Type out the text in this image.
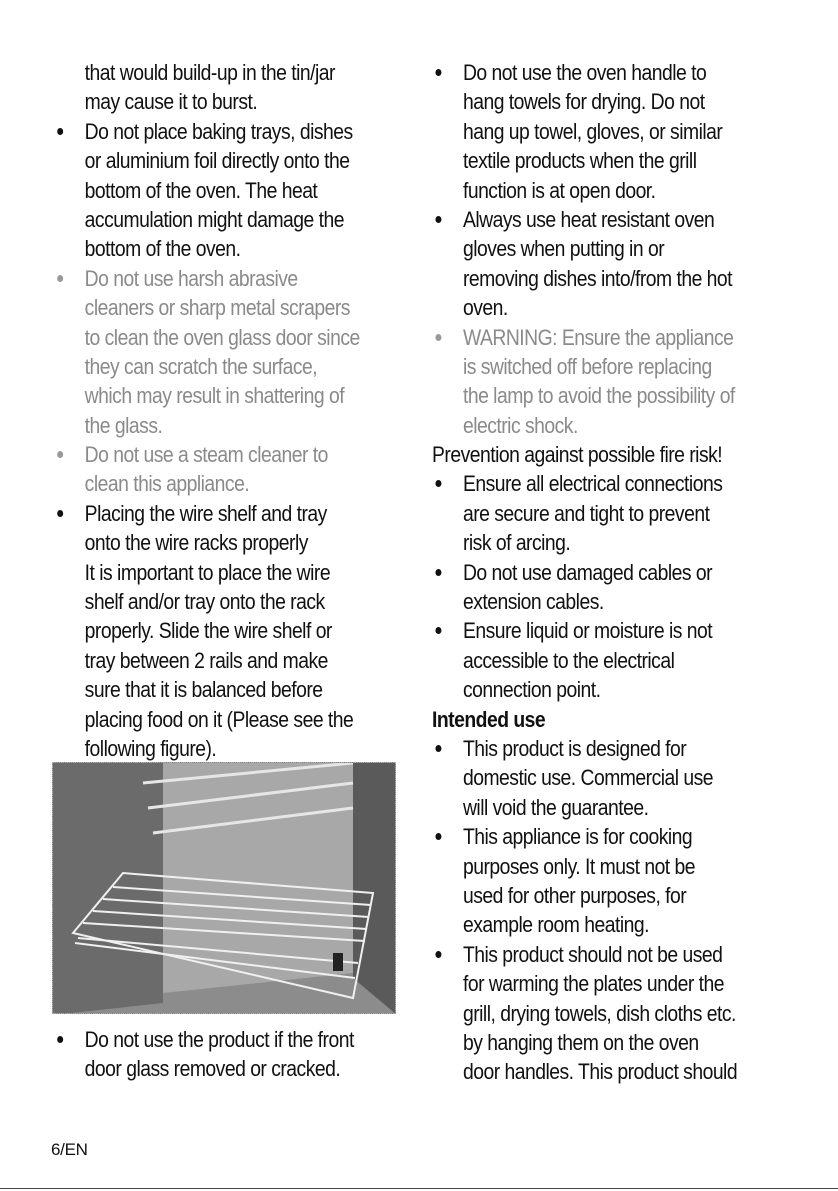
that would build-up in the tin/jar
may cause it to burst.
Do not place baking trays, dishes
or aluminium foil directly onto the
bottom of the oven. The heat
accumulation might damage the
bottom of the oven.
Do not use harsh abrasive
cleaners or sharp metal scrapers
to clean the oven glass door since
they can scratch the surface,
which may result in shattering of
the glass.
Do not use a steam cleaner to
clean this appliance.
Placing the wire shelf and tray
onto the wire racks properly
It is important to place the wire
shelf and/or tray onto the rack
properly. Slide the wire shelf or
tray between 2 rails and make
sure that it is balanced before
placing food on it (Please see the
following figure).
Do not use the product if the front
door glass removed or cracked.
Do not use the oven handle to
hang towels for drying. Do not
hang up towel, gloves, or similar
textile products when the grill
function is at open door.
Always use heat resistant oven
gloves when putting in or
removing dishes into/from the hot
oven.
WARNING: Ensure the appliance
is switched off before replacing
the lamp to avoid the possibility of
electric shock.
Prevention against possible fire risk!
Ensure all electrical connections
are secure and tight to prevent
risk of arcing.
Do not use damaged cables or
extension cables.
Ensure liquid or moisture is not
accessible to the electrical
connection point.
Intended use
This product is designed for
domestic use. Commercial use
will void the guarantee.
This appliance is for cooking
purposes only. It must not be
used for other purposes, for
example room heating.
This product should not be used
for warming the plates under the
grill, drying towels, dish cloths etc.
by hanging them on the oven
door handles. This product should
6/EN
